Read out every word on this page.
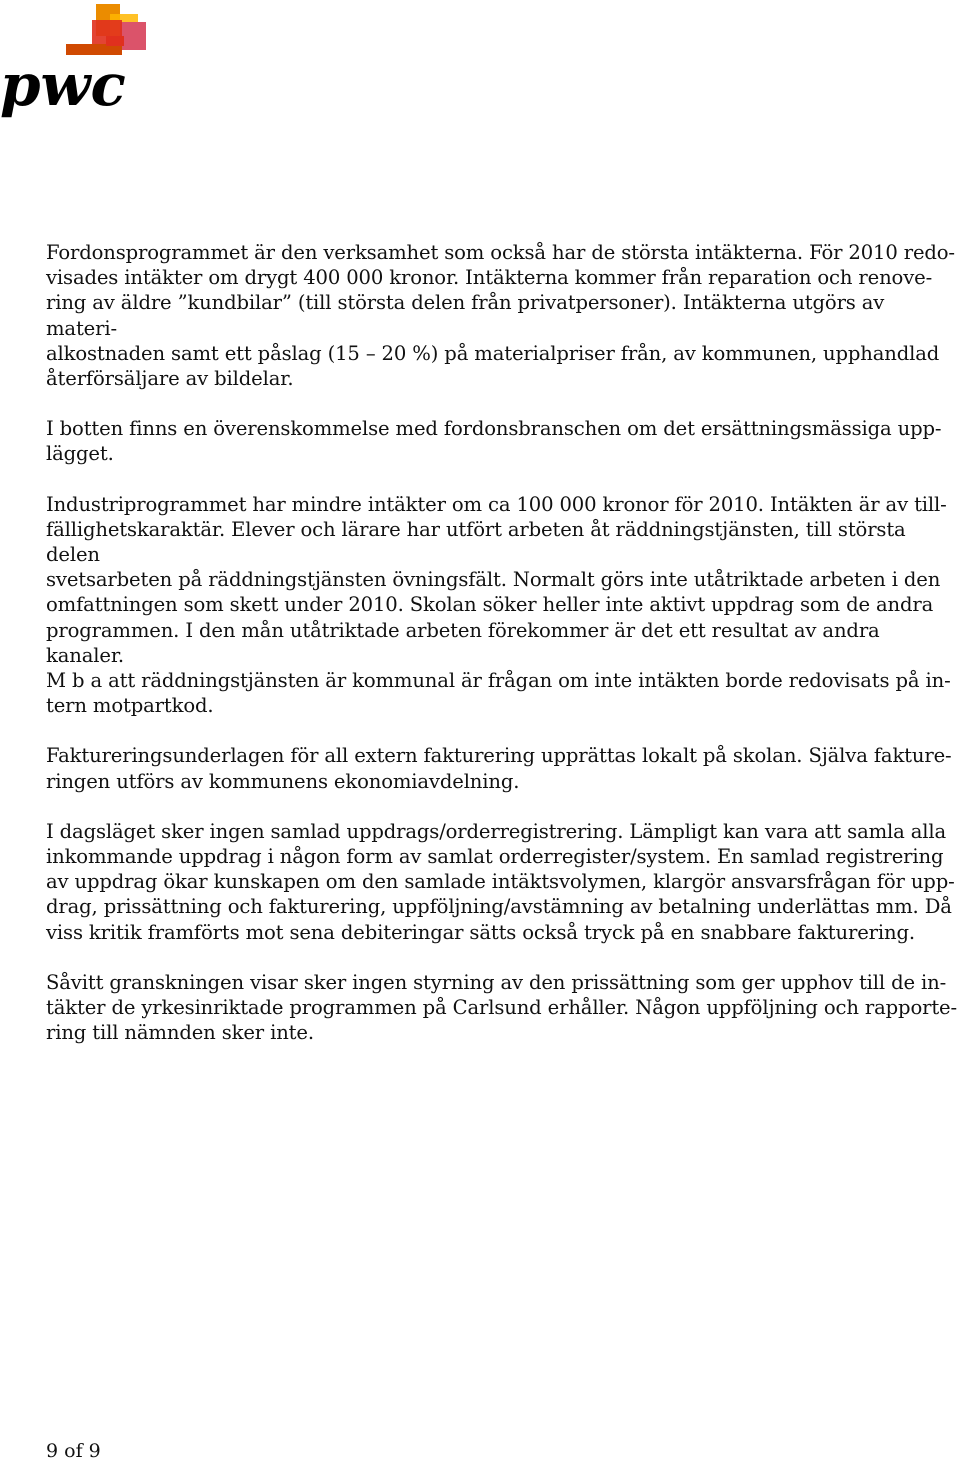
pwc

Fordonsprogrammet är den verksamhet som också har de största intäkterna. För 2010 redo-
visades intäkter om drygt 400 000 kronor. Intäkterna kommer från reparation och renove-
ring av äldre ”kundbilar” (till största delen från privatpersoner). Intäkterna utgörs av materi-
alkostnaden samt ett påslag (15 – 20 %) på materialpriser från, av kommunen, upphandlad
återförsäljare av bildelar.

I botten finns en överenskommelse med fordonsbranschen om det ersättningsmässiga upp-
lägget.

Industriprogrammet har mindre intäkter om ca 100 000 kronor för 2010. Intäkten är av till-
fällighetskaraktär. Elever och lärare har utfört arbeten åt räddningstjänsten, till största delen
svetsarbeten på räddningstjänsten övningsfält. Normalt görs inte utåtriktade arbeten i den
omfattningen som skett under 2010. Skolan söker heller inte aktivt uppdrag som de andra
programmen. I den mån utåtriktade arbeten förekommer är det ett resultat av andra kanaler.
M b a att räddningstjänsten är kommunal är frågan om inte intäkten borde redovisats på in-
tern motpartkod.

Faktureringsunderlagen för all extern fakturering upprättas lokalt på skolan. Själva fakture-
ringen utförs av kommunens ekonomiavdelning.

I dagsläget sker ingen samlad uppdrags/orderregistrering. Lämpligt kan vara att samla alla
inkommande uppdrag i någon form av samlat orderregister/system. En samlad registrering
av uppdrag ökar kunskapen om den samlade intäktsvolymen, klargör ansvarsfrågan för upp-
drag, prissättning och fakturering, uppföljning/avstämning av betalning underlättas mm. Då
viss kritik framförts mot sena debiteringar sätts också tryck på en snabbare fakturering.

Såvitt granskningen visar sker ingen styrning av den prissättning som ger upphov till de in-
täkter de yrkesinriktade programmen på Carlsund erhåller. Någon uppföljning och rapporte-
ring till nämnden sker inte.

9 of 9
